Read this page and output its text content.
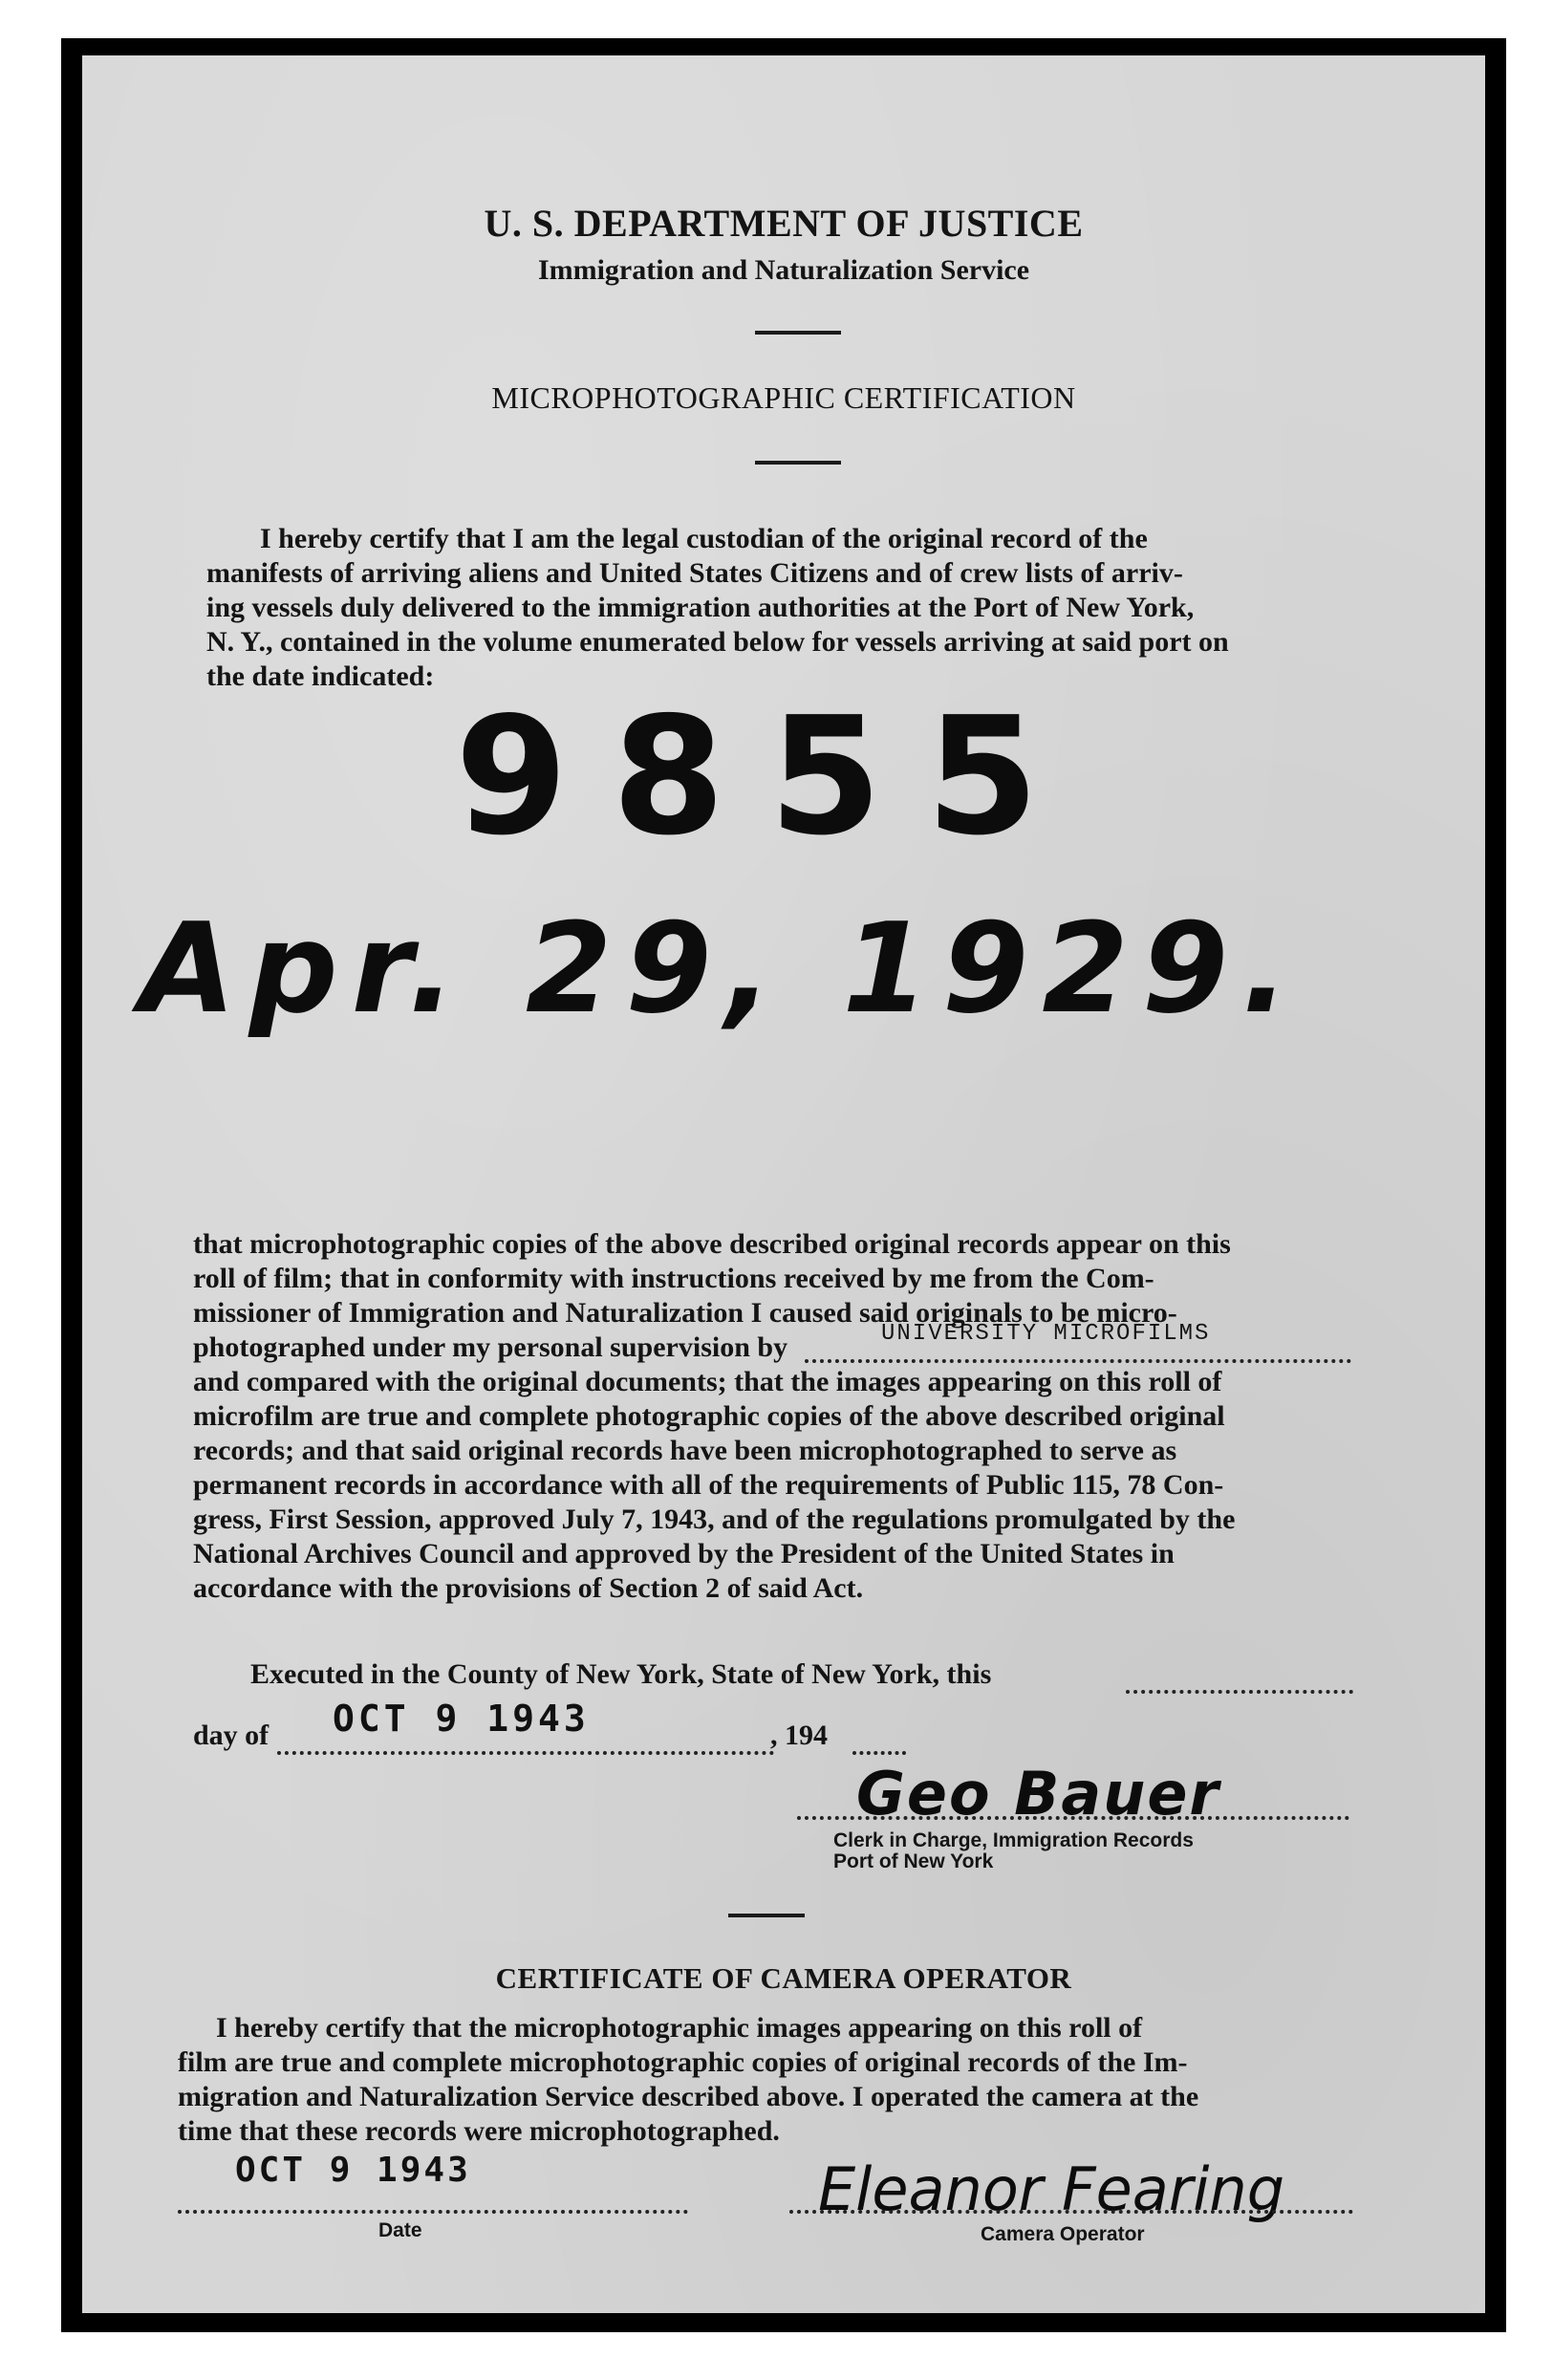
U. S. DEPARTMENT OF JUSTICE
Immigration and Naturalization Service
MICROPHOTOGRAPHIC CERTIFICATION
I hereby certify that I am the legal custodian of the original record of the
manifests of arriving aliens and United States Citizens and of crew lists of arriv-
ing vessels duly delivered to the immigration authorities at the Port of New York,
N. Y., contained in the volume enumerated below for vessels arriving at said port on
the date indicated:
9855
Apr. 29, 1929.
that microphotographic copies of the above described original records appear on this
roll of film; that in conformity with instructions received by me from the Com-
missioner of Immigration and Naturalization I caused said originals to be micro-
photographed under my personal supervision by	UNIVERSITY MICROFILMS
and compared with the original documents; that the images appearing on this roll of
microfilm are true and complete photographic copies of the above described original
records; and that said original records have been microphotographed to serve as
permanent records in accordance with all of the requirements of Public 115, 78 Con-
gress, First Session, approved July 7, 1943, and of the regulations promulgated by the
National Archives Council and approved by the President of the United States in
accordance with the provisions of Section 2 of said Act.
Executed in the County of New York, State of New York, this
day of OCT 9 1943	, 194
Geo Bauer
Clerk in Charge, Immigration Records
Port of New York
CERTIFICATE OF CAMERA OPERATOR
I hereby certify that the microphotographic images appearing on this roll of
film are true and complete microphotographic copies of original records of the Im-
migration and Naturalization Service described above. I operated the camera at the
time that these records were microphotographed.
OCT 9 1943
Date
Eleanor Fearing
Camera Operator
